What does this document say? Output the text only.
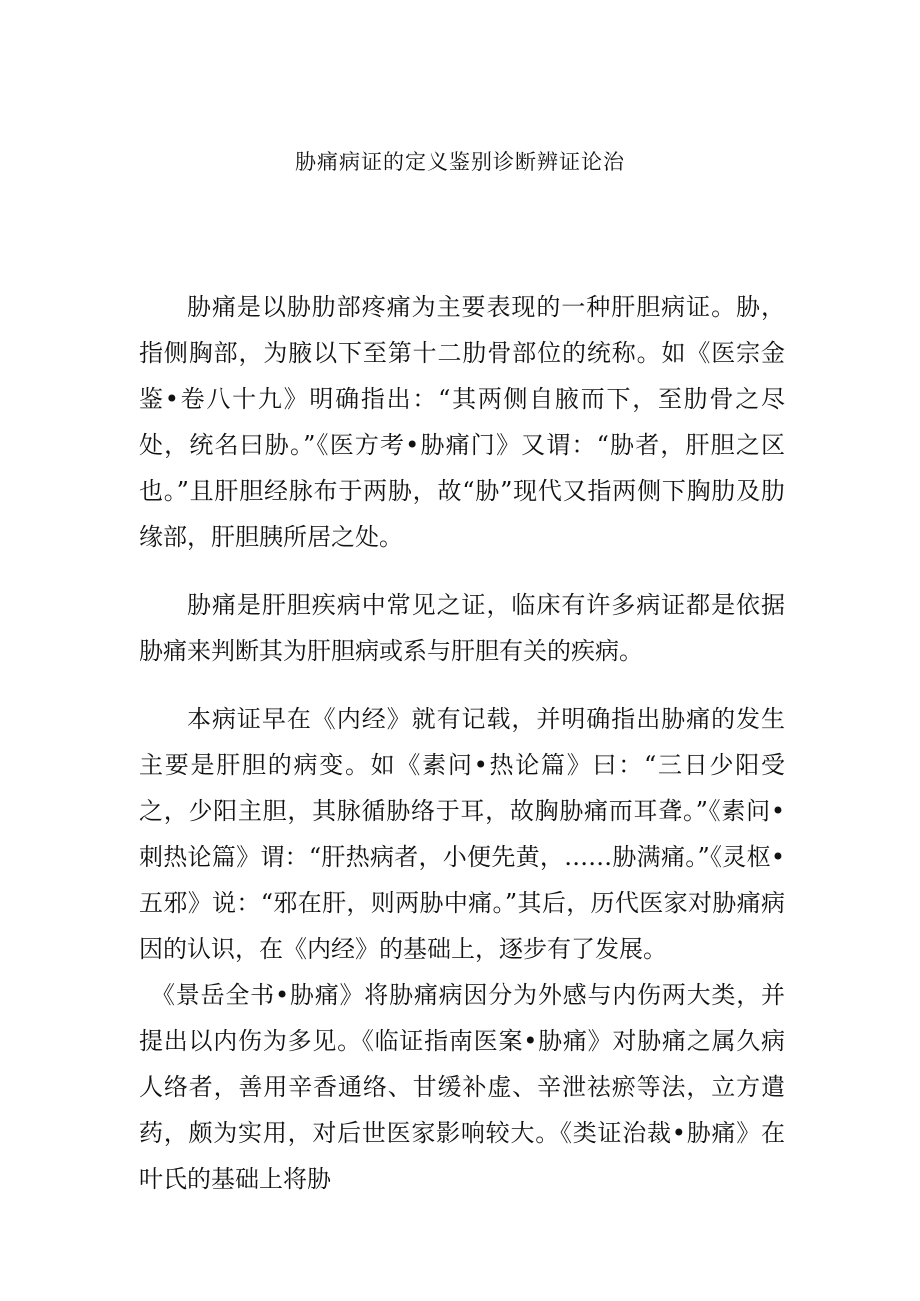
胁痛病证的定义鉴别诊断辨证论治

胁痛是以胁肋部疼痛为主要表现的一种肝胆病证。胁，指侧胸部，为腋以下至第十二肋骨部位的统称。如《医宗金鉴•卷八十九》明确指出：“其两侧自腋而下，至肋骨之尽处，统名曰胁。”《医方考•胁痛门》又谓：“胁者，肝胆之区也。”且肝胆经脉布于两胁，故“胁”现代又指两侧下胸肋及肋缘部，肝胆胰所居之处。

胁痛是肝胆疾病中常见之证，临床有许多病证都是依据胁痛来判断其为肝胆病或系与肝胆有关的疾病。

本病证早在《内经》就有记载，并明确指出胁痛的发生主要是肝胆的病变。如《素问•热论篇》曰：“三日少阳受之，少阳主胆，其脉循胁络于耳，故胸胁痛而耳聋。”《素问•刺热论篇》谓：“肝热病者，小便先黄，……胁满痛。”《灵枢•五邪》说：“邪在肝，则两胁中痛。”其后，历代医家对胁痛病因的认识，在《内经》的基础上，逐步有了发展。

《景岳全书•胁痛》将胁痛病因分为外感与内伤两大类，并提出以内伤为多见。《临证指南医案•胁痛》对胁痛之属久病人络者，善用辛香通络、甘缓补虚、辛泄祛瘀等法，立方遣药，颇为实用，对后世医家影响较大。《类证治裁•胁痛》在叶氏的基础上将胁
